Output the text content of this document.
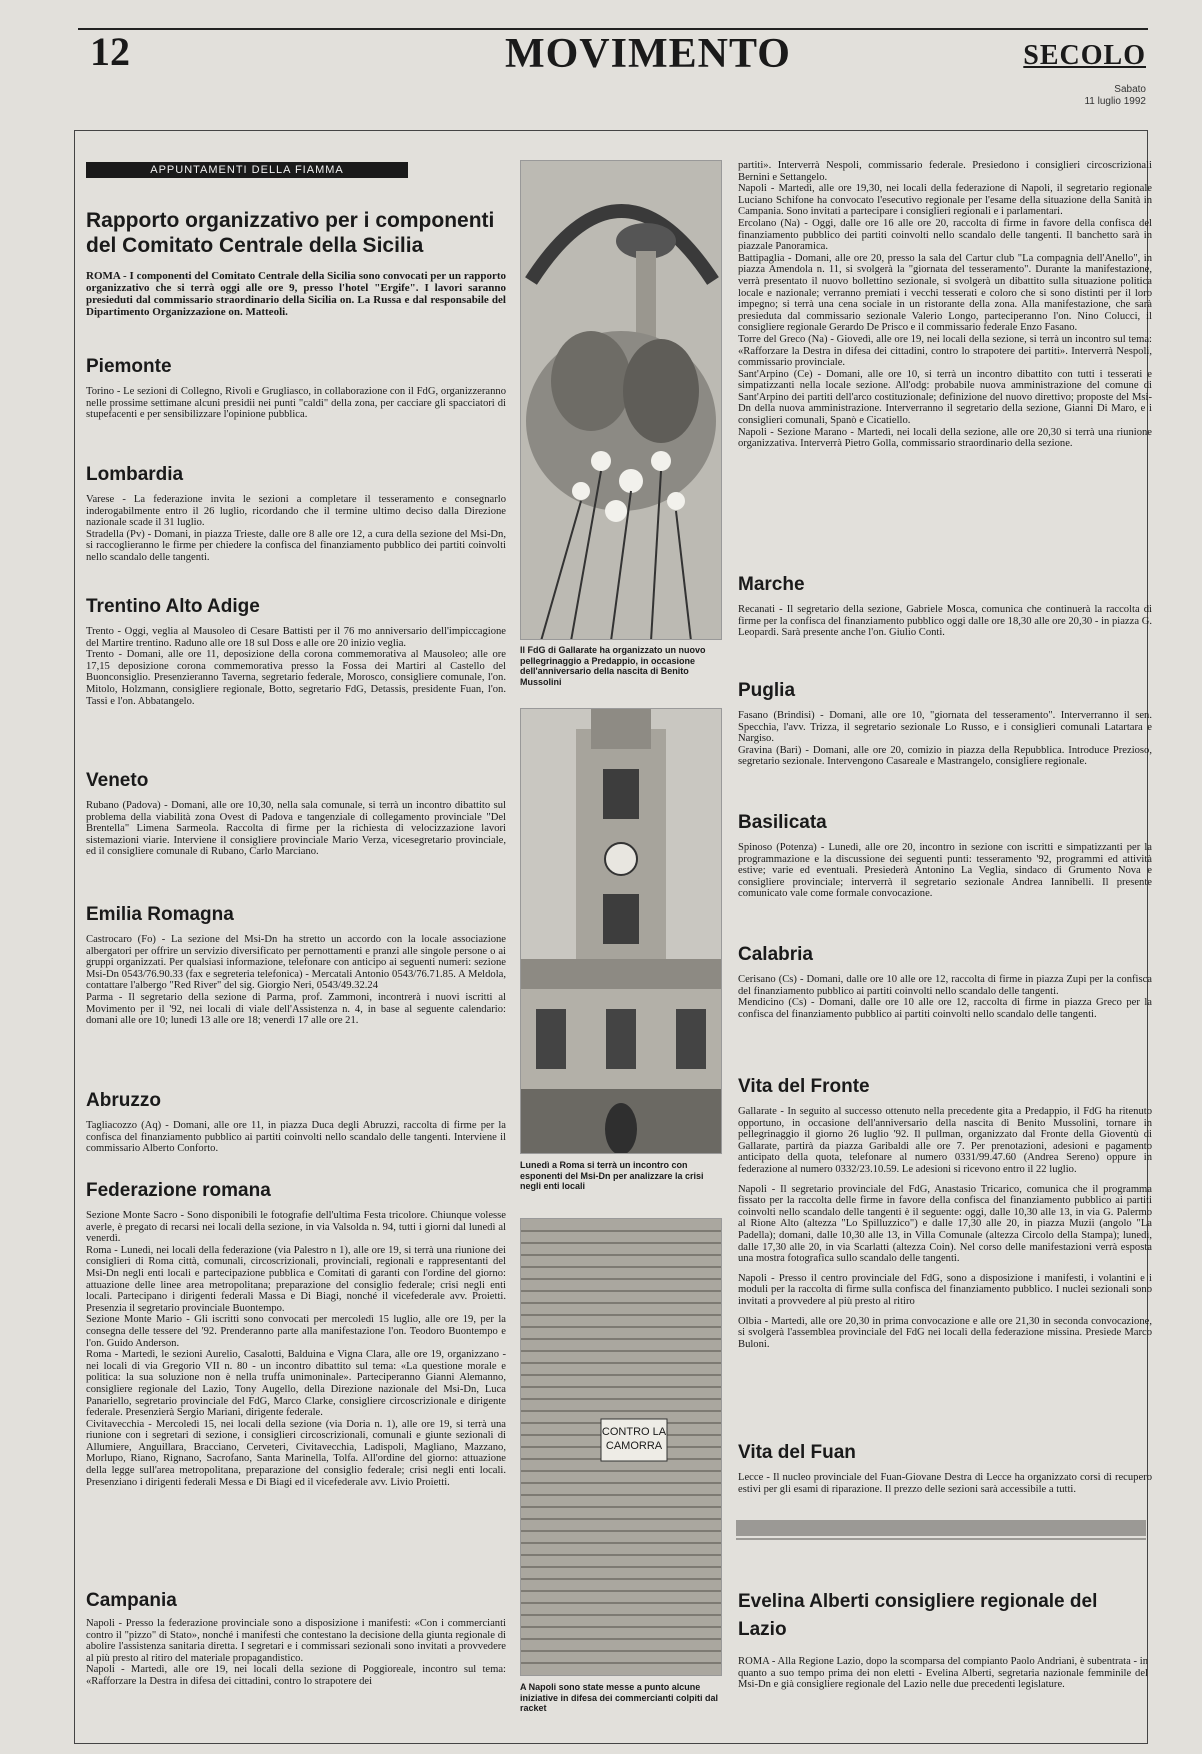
12	MOVIMENTO	SECOLO
Sabato
11 luglio 1992
APPUNTAMENTI DELLA FIAMMA
Rapporto organizzativo per i componenti del Comitato Centrale della Sicilia

ROMA - I componenti del Comitato Centrale della Sicilia sono convocati per un rapporto organizzativo che si terrà oggi alle ore 9, presso l'hotel "Ergife". I lavori saranno presieduti dal commissario straordinario della Sicilia on. La Russa e dal responsabile del Dipartimento Organizzazione on. Matteoli.

Piemonte

Torino - Le sezioni di Collegno, Rivoli e Grugliasco, in collaborazione con il FdG, organizzeranno nelle prossime settimane alcuni presidii nei punti "caldi" della zona, per cacciare gli spacciatori di stupefacenti e per sensibilizzare l'opinione pubblica.

Lombardia

Varese - La federazione invita le sezioni a completare il tesseramento e consegnarlo inderogabilmente entro il 26 luglio, ricordando che il termine ultimo deciso dalla Direzione nazionale scade il 31 luglio.

Stradella (Pv) - Domani, in piazza Trieste, dalle ore 8 alle ore 12, a cura della sezione del Msi-Dn, si raccoglieranno le firme per chiedere la confisca del finanziamento pubblico dei partiti coinvolti nello scandalo delle tangenti.

Trentino Alto Adige

Trento - Oggi, veglia al Mausoleo di Cesare Battisti per il 76 mo anniversario dell'impiccagione del Martire trentino. Raduno alle ore 18 sul Doss e alle ore 20 inizio veglia.

Trento - Domani, alle ore 11, deposizione della corona commemorativa al Mausoleo; alle ore 17,15 deposizione corona commemorativa presso la Fossa dei Martiri al Castello del Buonconsiglio. Presenzieranno Taverna, segretario federale, Morosco, consigliere comunale, l'on. Mitolo, Holzmann, consigliere regionale, Botto, segretario FdG, Detassis, presidente Fuan, l'on. Tassi e l'on. Abbatangelo.

Veneto

Rubano (Padova) - Domani, alle ore 10,30, nella sala comunale, si terrà un incontro dibattito sul problema della viabilità zona Ovest di Padova e tangenziale di collegamento provinciale "Del Brentella" Limena Sarmeola. Raccolta di firme per la richiesta di velocizzazione lavori sistemazioni viarie. Interviene il consigliere provinciale Mario Verza, vicesegretario provinciale, ed il consigliere comunale di Rubano, Carlo Marciano.

Emilia Romagna

Castrocaro (Fo) - La sezione del Msi-Dn ha stretto un accordo con la locale associazione albergatori per offrire un servizio diversificato per pernottamenti e pranzi alle singole persone o ai gruppi organizzati. Per qualsiasi informazione, telefonare con anticipo ai seguenti numeri: sezione Msi-Dn 0543/76.90.33 (fax e segreteria telefonica) - Mercatali Antonio 0543/76.71.85. A Meldola, contattare l'albergo "Red River" del sig. Giorgio Neri, 0543/49.32.24

Parma - Il segretario della sezione di Parma, prof. Zammoni, incontrerà i nuovi iscritti al Movimento per il '92, nei locali di viale dell'Assistenza n. 4, in base al seguente calendario: domani alle ore 10; lunedì 13 alle ore 18; venerdì 17 alle ore 21.

Abruzzo

Tagliacozzo (Aq) - Domani, alle ore 11, in piazza Duca degli Abruzzi, raccolta di firme per la confisca del finanziamento pubblico ai partiti coinvolti nello scandalo delle tangenti. Interviene il commissario Alberto Conforto.

Federazione romana

Sezione Monte Sacro - Sono disponibili le fotografie dell'ultima Festa tricolore. Chiunque volesse averle, è pregato di recarsi nei locali della sezione, in via Valsolda n. 94, tutti i giorni dal lunedì al venerdì.

Roma - Lunedì, nei locali della federazione (via Palestro n 1), alle ore 19, si terrà una riunione dei consiglieri di Roma città, comunali, circoscrizionali, provinciali, regionali e rappresentanti del Msi-Dn negli enti locali e partecipazione pubblica e Comitati di garanti con l'ordine del giorno: attuazione delle linee area metropolitana; preparazione del consiglio federale; crisi negli enti locali. Partecipano i dirigenti federali Massa e Di Biagi, nonché il vicefederale avv. Proietti. Presenzia il segretario provinciale Buontempo.

Sezione Monte Mario - Gli iscritti sono convocati per mercoledì 15 luglio, alle ore 19, per la consegna delle tessere del '92. Prenderanno parte alla manifestazione l'on. Teodoro Buontempo e l'on. Guido Anderson.

Roma - Martedì, le sezioni Aurelio, Casalotti, Balduina e Vigna Clara, alle ore 19, organizzano - nei locali di via Gregorio VII n. 80 - un incontro dibattito sul tema: «La questione morale e politica: la sua soluzione non è nella truffa unimoninale». Parteciperanno Gianni Alemanno, consigliere regionale del Lazio, Tony Augello, della Direzione nazionale del Msi-Dn, Luca Panariello, segretario provinciale del FdG, Marco Clarke, consigliere circoscrizionale e dirigente federale. Presenzierà Sergio Mariani, dirigente federale.

Civitavecchia - Mercoledì 15, nei locali della sezione (via Doria n. 1), alle ore 19, si terrà una riunione con i segretari di sezione, i consiglieri circoscrizionali, comunali e giunte sezionali di Allumiere, Anguillara, Bracciano, Cerveteri, Civitavecchia, Ladispoli, Magliano, Mazzano, Morlupo, Riano, Rignano, Sacrofano, Santa Marinella, Tolfa. All'ordine del giorno: attuazione della legge sull'area metropolitana, preparazione del consiglio federale; crisi negli enti locali. Presenziano i dirigenti federali Messa e Di Biagi ed il vicefederale avv. Livio Proietti.

Campania

Napoli - Presso la federazione provinciale sono a disposizione i manifesti: «Con i commercianti contro il "pizzo" di Stato», nonché i manifesti che contestano la decisione della giunta regionale di abolire l'assistenza sanitaria diretta. I segretari e i commissari sezionali sono invitati a provvedere al più presto al ritiro del materiale propagandistico.

Napoli - Martedì, alle ore 19, nei locali della sezione di Poggioreale, incontro sul tema: «Rafforzare la Destra in difesa dei cittadini, contro lo strapotere dei

Il FdG di Gallarate ha organizzato un nuovo pellegrinaggio a Predappio, in occasione dell'anniversario della nascita di Benito Mussolini
Lunedì a Roma si terrà un incontro con esponenti del Msi-Dn per analizzare la crisi negli enti locali
CONTRO LA CAMORRA
A Napoli sono state messe a punto alcune iniziative in difesa dei commercianti colpiti dal racket

partiti». Interverrà Nespoli, commissario federale. Presiedono i consiglieri circoscrizionali Bernini e Settangelo.

Napoli - Martedì, alle ore 19,30, nei locali della federazione di Napoli, il segretario regionale Luciano Schifone ha convocato l'esecutivo regionale per l'esame della situazione della Sanità in Campania. Sono invitati a partecipare i consiglieri regionali e i parlamentari.

Ercolano (Na) - Oggi, dalle ore 16 alle ore 20, raccolta di firme in favore della confisca del finanziamento pubblico dei partiti coinvolti nello scandalo delle tangenti. Il banchetto sarà in piazzale Panoramica.

Battipaglia - Domani, alle ore 20, presso la sala del Cartur club "La compagnia dell'Anello", in piazza Amendola n. 11, si svolgerà la "giornata del tesseramento". Durante la manifestazione, verrà presentato il nuovo bollettino sezionale, si svolgerà un dibattito sulla situazione politica locale e nazionale; verranno premiati i vecchi tesserati e coloro che si sono distinti per il loro impegno; si terrà una cena sociale in un ristorante della zona. Alla manifestazione, che sarà presieduta dal commissario sezionale Valerio Longo, parteciperanno l'on. Nino Colucci, il consigliere regionale Gerardo De Prisco e il commissario federale Enzo Fasano.

Torre del Greco (Na) - Giovedì, alle ore 19, nei locali della sezione, si terrà un incontro sul tema: «Rafforzare la Destra in difesa dei cittadini, contro lo strapotere dei partiti». Interverrà Nespoli, commissario provinciale.

Sant'Arpino (Ce) - Domani, alle ore 10, si terrà un incontro dibattito con tutti i tesserati e simpatizzanti nella locale sezione. All'odg: probabile nuova amministrazione del comune di Sant'Arpino dei partiti dell'arco costituzionale; definizione del nuovo direttivo; proposte del Msi-Dn della nuova amministrazione. Interverranno il segretario della sezione, Gianni Di Maro, e i consiglieri comunali, Spanò e Cicatiello.

Napoli - Sezione Marano - Martedì, nei locali della sezione, alle ore 20,30 si terrà una riunione organizzativa. Interverrà Pietro Golla, commissario straordinario della sezione.

Marche

Recanati - Il segretario della sezione, Gabriele Mosca, comunica che continuerà la raccolta di firme per la confisca del finanziamento pubblico oggi dalle ore 18,30 alle ore 20,30 - in piazza G. Leopardi. Sarà presente anche l'on. Giulio Conti.

Puglia

Fasano (Brindisi) - Domani, alle ore 10, "giornata del tesseramento". Interverranno il sen. Specchia, l'avv. Trizza, il segretario sezionale Lo Russo, e i consiglieri comunali Latartara e Nargiso.

Gravina (Bari) - Domani, alle ore 20, comizio in piazza della Repubblica. Introduce Prezioso, segretario sezionale. Intervengono Casareale e Mastrangelo, consigliere regionale.

Basilicata

Spinoso (Potenza) - Lunedì, alle ore 20, incontro in sezione con iscritti e simpatizzanti per la programmazione e la discussione dei seguenti punti: tesseramento '92, programmi ed attività estive; varie ed eventuali. Presiederà Antonino La Veglia, sindaco di Grumento Nova e consigliere provinciale; interverrà il segretario sezionale Andrea Iannibelli. Il presente comunicato vale come formale convocazione.

Calabria

Cerisano (Cs) - Domani, dalle ore 10 alle ore 12, raccolta di firme in piazza Zupi per la confisca del finanziamento pubblico ai partiti coinvolti nello scandalo delle tangenti.

Mendicino (Cs) - Domani, dalle ore 10 alle ore 12, raccolta di firme in piazza Greco per la confisca del finanziamento pubblico ai partiti coinvolti nello scandalo delle tangenti.

Vita del Fronte

Gallarate - In seguito al successo ottenuto nella precedente gita a Predappio, il FdG ha ritenuto opportuno, in occasione dell'anniversario della nascita di Benito Mussolini, tornare in pellegrinaggio il giorno 26 luglio '92. Il pullman, organizzato dal Fronte della Gioventù di Gallarate, partirà da piazza Garibaldi alle ore 7. Per prenotazioni, adesioni e pagamento anticipato della quota, telefonare al numero 0331/99.47.60 (Andrea Sereno) oppure in federazione al numero 0332/23.10.59. Le adesioni si ricevono entro il 22 luglio.

Napoli - Il segretario provinciale del FdG, Anastasio Tricarico, comunica che il programma fissato per la raccolta delle firme in favore della confisca del finanziamento pubblico ai partiti coinvolti nello scandalo delle tangenti è il seguente: oggi, dalle 10,30 alle 13, in via G. Palermo al Rione Alto (altezza "Lo Spilluzzico") e dalle 17,30 alle 20, in piazza Muzii (angolo "La Padella); domani, dalle 10,30 alle 13, in Villa Comunale (altezza Circolo della Stampa); lunedì, dalle 17,30 alle 20, in via Scarlatti (altezza Coin). Nel corso delle manifestazioni verrà esposta una mostra fotografica sullo scandalo delle tangenti.

Napoli - Presso il centro provinciale del FdG, sono a disposizione i manifesti, i volantini e i moduli per la raccolta di firme sulla confisca del finanziamento pubblico. I nuclei sezionali sono invitati a provvedere al più presto al ritiro

Olbia - Martedì, alle ore 20,30 in prima convocazione e alle ore 21,30 in seconda convocazione, si svolgerà l'assemblea provinciale del FdG nei locali della federazione missina. Presiede Marco Buloni.

Vita del Fuan

Lecce - Il nucleo provinciale del Fuan-Giovane Destra di Lecce ha organizzato corsi di recupero estivi per gli esami di riparazione. Il prezzo delle sezioni sarà accessibile a tutti.

Evelina Alberti consigliere regionale del Lazio

ROMA - Alla Regione Lazio, dopo la scomparsa del compianto Paolo Andriani, è subentrata - in quanto a suo tempo prima dei non eletti - Evelina Alberti, segretaria nazionale femminile del Msi-Dn e già consigliere regionale del Lazio nelle due precedenti legislature.
